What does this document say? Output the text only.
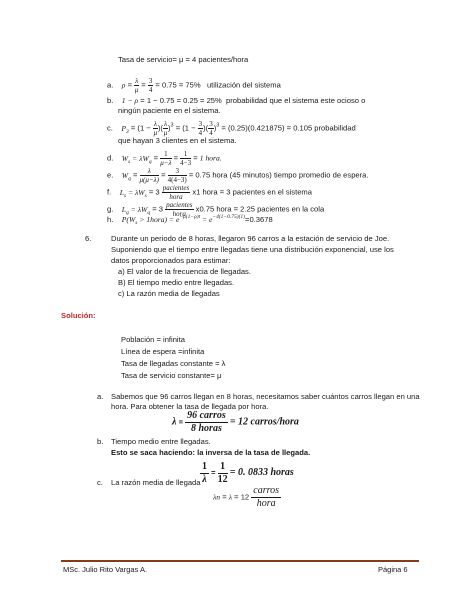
Tasa de servicio= μ = 4 pacientes/hora
a. $\rho = \frac{\lambda}{\mu} = \frac{3}{4} = 0.75 = 75\%$   utilización del sistema
b. 1 − ρ = 1 − 0.75 = 0.25 = 25%  probabilidad que el sistema este ocioso o
ningún paciente en el sistema.
c. $P_3 = (1 - \frac{\lambda}{\mu}$ )( $\frac{\lambda}{\mu} )^3 = (1 - \frac{3}{4}$ )( $\frac{3}{4} )^3 = (0.25)(0.421875) = 0.105$ probabilidad
que hayan 3 clientes en el sistema.
d. $W_s = \lambda W_q = \frac{1}{\mu-\lambda} = \frac{1}{4-3} = 1$ hora.
e. $W_q = \frac{\lambda}{\mu(\mu-\lambda)} = \frac{3}{4(4-3)} = 0.75$ hora (45 minutos) tiempo promedio de espera.
f. $L_s = \lambda W_s = 3 \frac{\text{pacientes}}{\text{hora}} x1$ hora = 3 pacientes en el sistema
g. $L_q = \lambda W_q = 3 \frac{\text{pacientes}}{\text{hora}} x0.75$ hora = 2.25 pacientes en la cola
h. $P(W_s$ > 1hora) = $e^{-\mu(1-\rho)t} = e^{-4(1-0.75)(1)}=0.3678$
6.	Durante un periodo de 8 horas, llegaron 96 carros a la estación de servicio de Joe.
Suponiendo que el tiempo entre llegadas tiene una distribución exponencial, use los
datos proporcionados para estimar:
a) El valor de la frecuencia de llegadas.
B) El tiempo medio entre llegadas.
c) La razón media de llegadas
Solución:
Población = infinita
Línea de espera =infinita
Tasa de llegadas constante = λ
Tasa de servicio constante= μ
a. Sabemos que 96 carros llegan en 8 horas, necesitamos saber cuántos carros llegan en una
hora. Para obtener la tasa de llegada por hora.
$\lambda = \frac{\text{96 carros}}{\text{8 horas}} = 12$ carros/hora
b. Tiempo medio entre llegadas.
Esto se saca haciendo: la inversa de la tasa de llegada.
$\frac{1}{\lambda} = \frac{1}{12} = 0$. 0833 horas
c. La razón media de llegada
$\lambda n = \lambda = 12 \frac{\text{carros}}{\text{hora}}$
MSc. Julio Rito Vargas A.	Página 6
